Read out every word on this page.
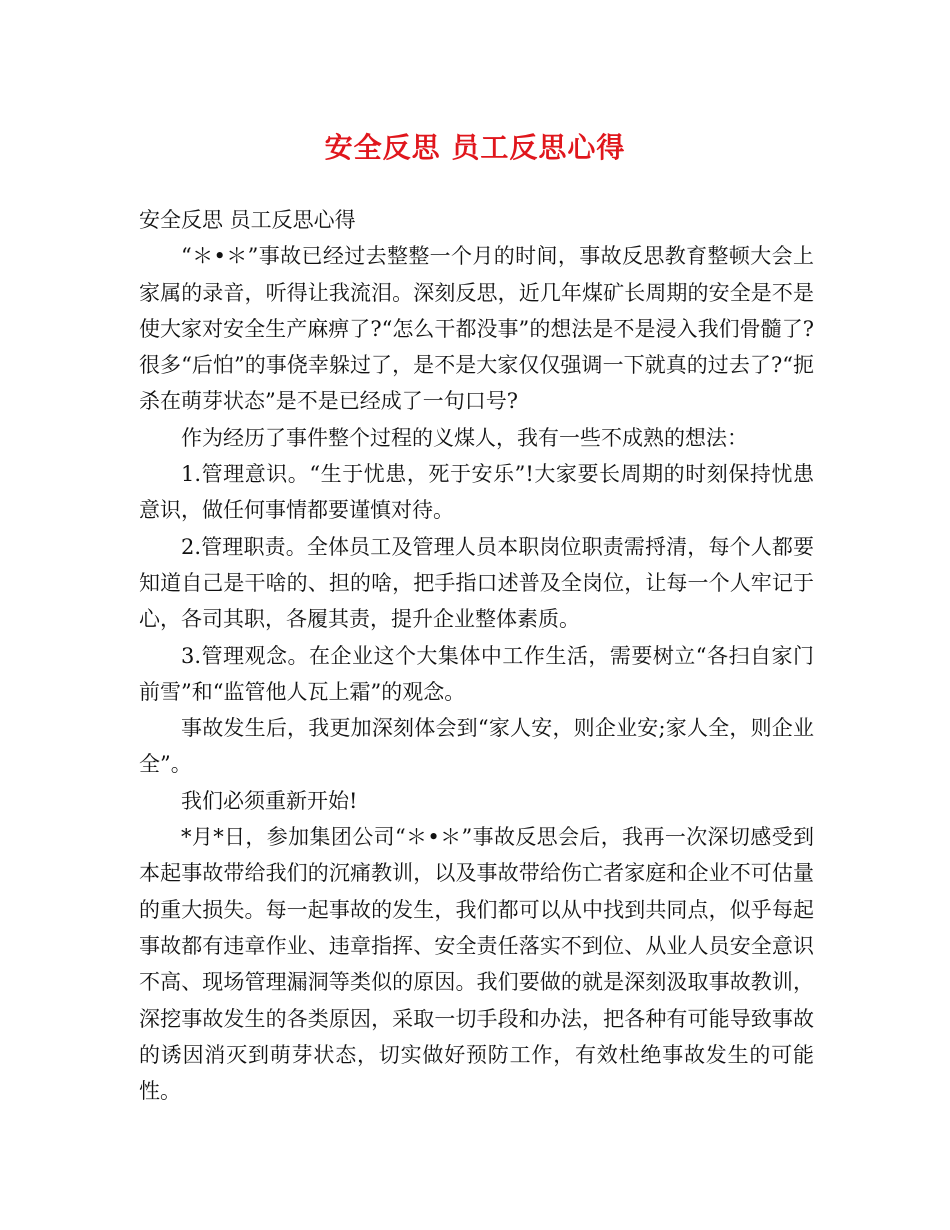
安全反思 员工反思心得

安全反思 员工反思心得

“＊•＊”事故已经过去整整一个月的时间，事故反思教育整顿大会上家属的录音，听得让我流泪。深刻反思，近几年煤矿长周期的安全是不是使大家对安全生产麻痹了?“怎么干都没事”的想法是不是浸入我们骨髓了?很多“后怕”的事侥幸躲过了，是不是大家仅仅强调一下就真的过去了?“扼杀在萌芽状态”是不是已经成了一句口号?

作为经历了事件整个过程的义煤人，我有一些不成熟的想法：

1.管理意识。“生于忧患，死于安乐”!大家要长周期的时刻保持忧患意识，做任何事情都要谨慎对待。

2.管理职责。全体员工及管理人员本职岗位职责需捋清，每个人都要知道自己是干啥的、担的啥，把手指口述普及全岗位，让每一个人牢记于心，各司其职，各履其责，提升企业整体素质。

3.管理观念。在企业这个大集体中工作生活，需要树立“各扫自家门前雪”和“监管他人瓦上霜”的观念。

事故发生后，我更加深刻体会到“家人安，则企业安;家人全，则企业全”。

我们必须重新开始!

*月*日，参加集团公司“＊•＊”事故反思会后，我再一次深切感受到本起事故带给我们的沉痛教训，以及事故带给伤亡者家庭和企业不可估量的重大损失。每一起事故的发生，我们都可以从中找到共同点，似乎每起事故都有违章作业、违章指挥、安全责任落实不到位、从业人员安全意识不高、现场管理漏洞等类似的原因。我们要做的就是深刻汲取事故教训，深挖事故发生的各类原因，采取一切手段和办法，把各种有可能导致事故的诱因消灭到萌芽状态，切实做好预防工作，有效杜绝事故发生的可能性。
